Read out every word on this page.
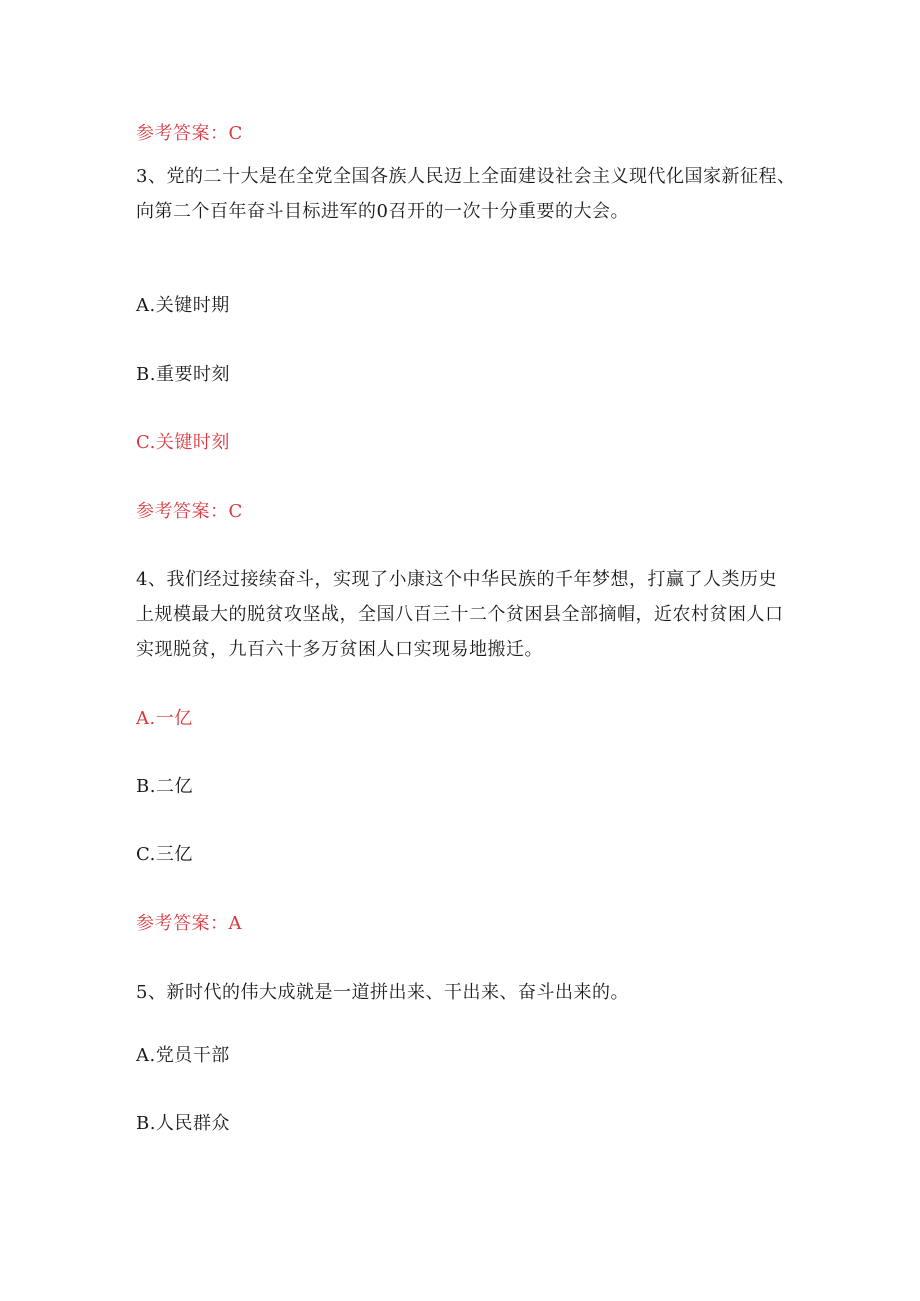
参考答案：C
3、党的二十大是在全党全国各族人民迈上全面建设社会主义现代化国家新征程、
向第二个百年奋斗目标进军的0召开的一次十分重要的大会。
A.关键时期
B.重要时刻
C.关键时刻
参考答案：C
4、我们经过接续奋斗，实现了小康这个中华民族的千年梦想，打赢了人类历史
上规模最大的脱贫攻坚战，全国八百三十二个贫困县全部摘帽，近农村贫困人口
实现脱贫，九百六十多万贫困人口实现易地搬迁。
A.一亿
B.二亿
C.三亿
参考答案：A
5、新时代的伟大成就是一道拼出来、干出来、奋斗出来的。
A.党员干部
B.人民群众
